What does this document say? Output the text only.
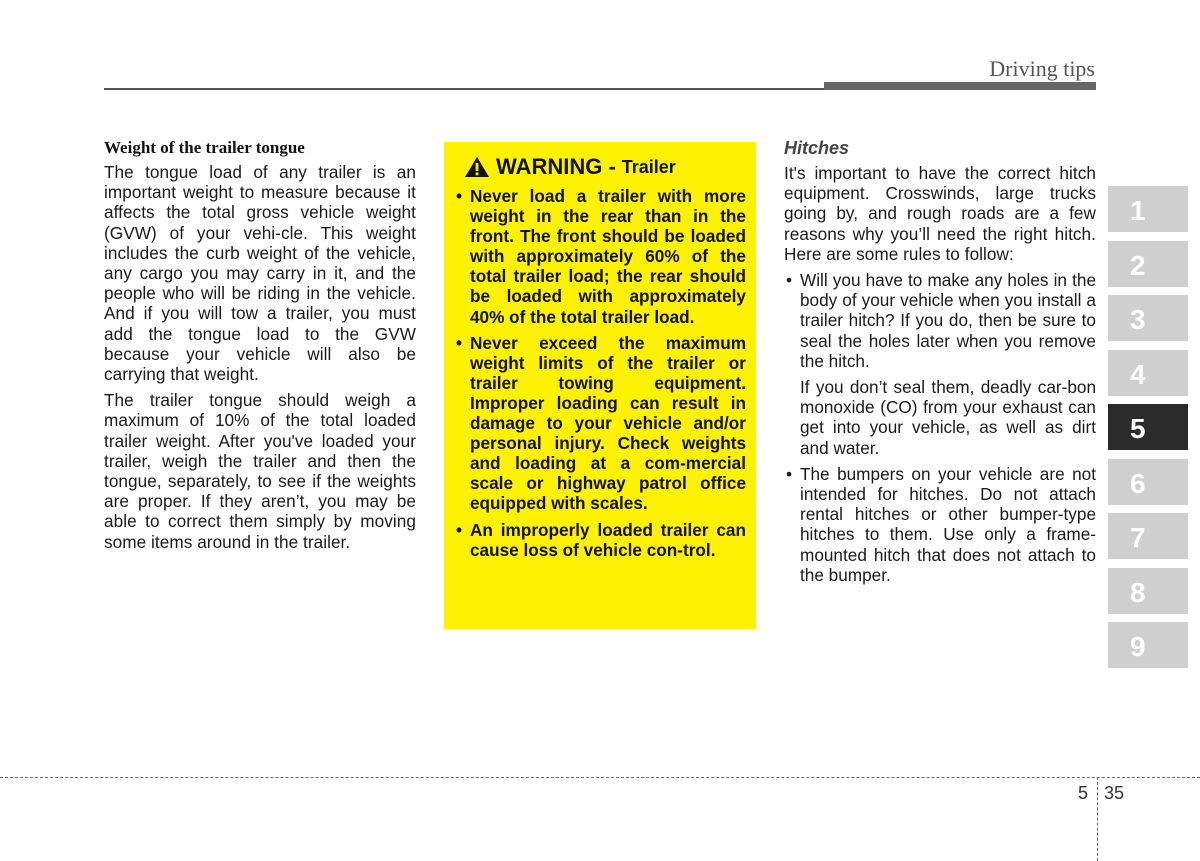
Driving tips
Weight of the trailer tongue

The tongue load of any trailer is an important weight to measure because it affects the total gross vehicle weight (GVW) of your vehi-cle. This weight includes the curb weight of the vehicle, any cargo you may carry in it, and the people who will be riding in the vehicle. And if you will tow a trailer, you must add the tongue load to the GVW because your vehicle will also be carrying that weight.

The trailer tongue should weigh a maximum of 10% of the total loaded trailer weight. After you've loaded your trailer, weigh the trailer and then the tongue, separately, to see if the weights are proper. If they aren’t, you may be able to correct them simply by moving some items around in the trailer.

WARNING - Trailer
• Never load a trailer with more weight in the rear than in the front. The front should be loaded with approximately 60% of the total trailer load; the rear should be loaded with approximately 40% of the total trailer load.
• Never exceed the maximum weight limits of the trailer or trailer towing equipment. Improper loading can result in damage to your vehicle and/or personal injury. Check weights and loading at a com-mercial scale or highway patrol office equipped with scales.
• An improperly loaded trailer can cause loss of vehicle con-trol.
Hitches

It's important to have the correct hitch equipment. Crosswinds, large trucks going by, and rough roads are a few reasons why you’ll need the right hitch. Here are some rules to follow:

• Will you have to make any holes in the body of your vehicle when you install a trailer hitch? If you do, then be sure to seal the holes later when you remove the hitch.
If you don’t seal them, deadly car-bon monoxide (CO) from your exhaust can get into your vehicle, as well as dirt and water.
• The bumpers on your vehicle are not intended for hitches. Do not attach rental hitches or other bumper-type hitches to them. Use only a frame-mounted hitch that does not attach to the bumper.
1
2
3
4
5
6
7
8
9
5 35
